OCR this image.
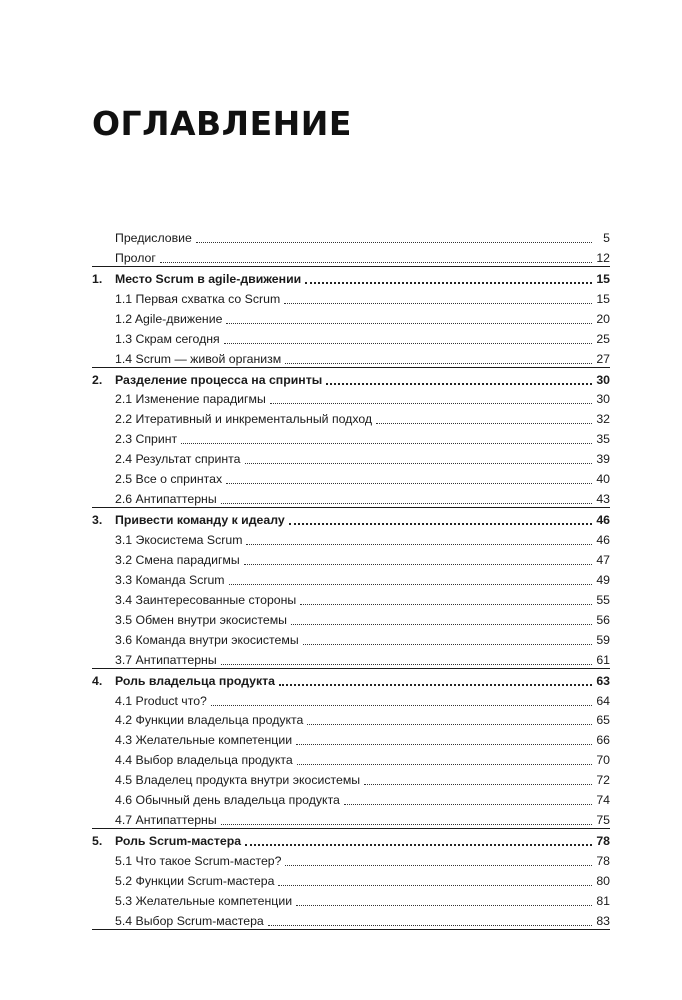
ОГЛАВЛЕНИЕ
Предисловие	5
Пролог	12
1.	Место Scrum в agile-движении	15
1.1 Первая схватка со Scrum	15
1.2 Agile-движение	20
1.3 Скрам сегодня	25
1.4 Scrum — живой организм	27
2.	Разделение процесса на спринты	30
2.1 Изменение парадигмы	30
2.2 Итеративный и инкрементальный подход	32
2.3 Спринт	35
2.4 Результат спринта	39
2.5 Все о спринтах	40
2.6 Антипаттерны	43
3.	Привести команду к идеалу	46
3.1 Экосистема Scrum	46
3.2 Смена парадигмы	47
3.3 Команда Scrum	49
3.4 Заинтересованные стороны	55
3.5 Обмен внутри экосистемы	56
3.6 Команда внутри экосистемы	59
3.7 Антипаттерны	61
4.	Роль владельца продукта	63
4.1 Product что?	64
4.2 Функции владельца продукта	65
4.3 Желательные компетенции	66
4.4 Выбор владельца продукта	70
4.5 Владелец продукта внутри экосистемы	72
4.6 Обычный день владельца продукта	74
4.7 Антипаттерны	75
5.	Роль Scrum-мастера	78
5.1 Что такое Scrum-мастер?	78
5.2 Функции Scrum-мастера	80
5.3 Желательные компетенции	81
5.4 Выбор Scrum-мастера	83
